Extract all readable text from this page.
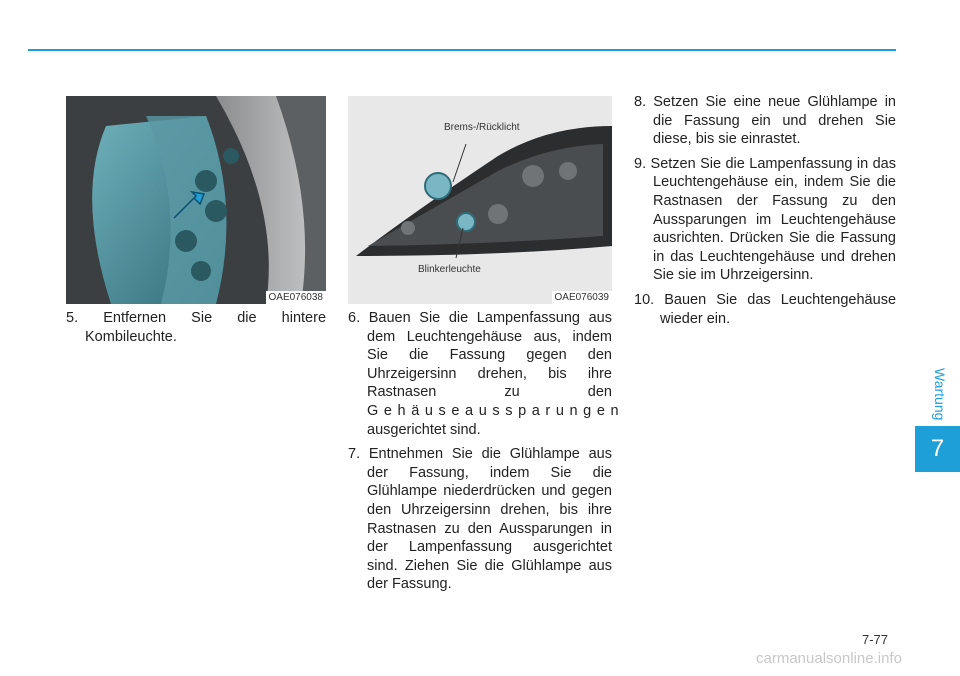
Wartung
7
OAE076038
Brems-/Rücklicht
Blinkerleuchte
OAE076039
5. Entfernen Sie die hintere Kombileuchte.
6. Bauen Sie die Lampenfassung aus dem Leuchtengehäuse aus, indem Sie die Fassung gegen den Uhrzeigersinn drehen, bis ihre Rastnasen zu den Gehäuseaussparungen ausgerichtet sind.
7. Entnehmen Sie die Glühlampe aus der Fassung, indem Sie die Glühlampe niederdrücken und gegen den Uhrzeigersinn drehen, bis ihre Rastnasen zu den Aussparungen in der Lampenfassung ausgerichtet sind. Ziehen Sie die Glühlampe aus der Fassung.
8. Setzen Sie eine neue Glühlampe in die Fassung ein und drehen Sie diese, bis sie einrastet.
9. Setzen Sie die Lampenfassung in das Leuchtengehäuse ein, indem Sie die Rastnasen der Fassung zu den Aussparungen im Leuchtengehäuse ausrichten. Drücken Sie die Fassung in das Leuchtengehäuse und drehen Sie sie im Uhrzeigersinn.
10. Bauen Sie das Leuchtengehäuse wieder ein.
7-77
carmanualsonline.info
